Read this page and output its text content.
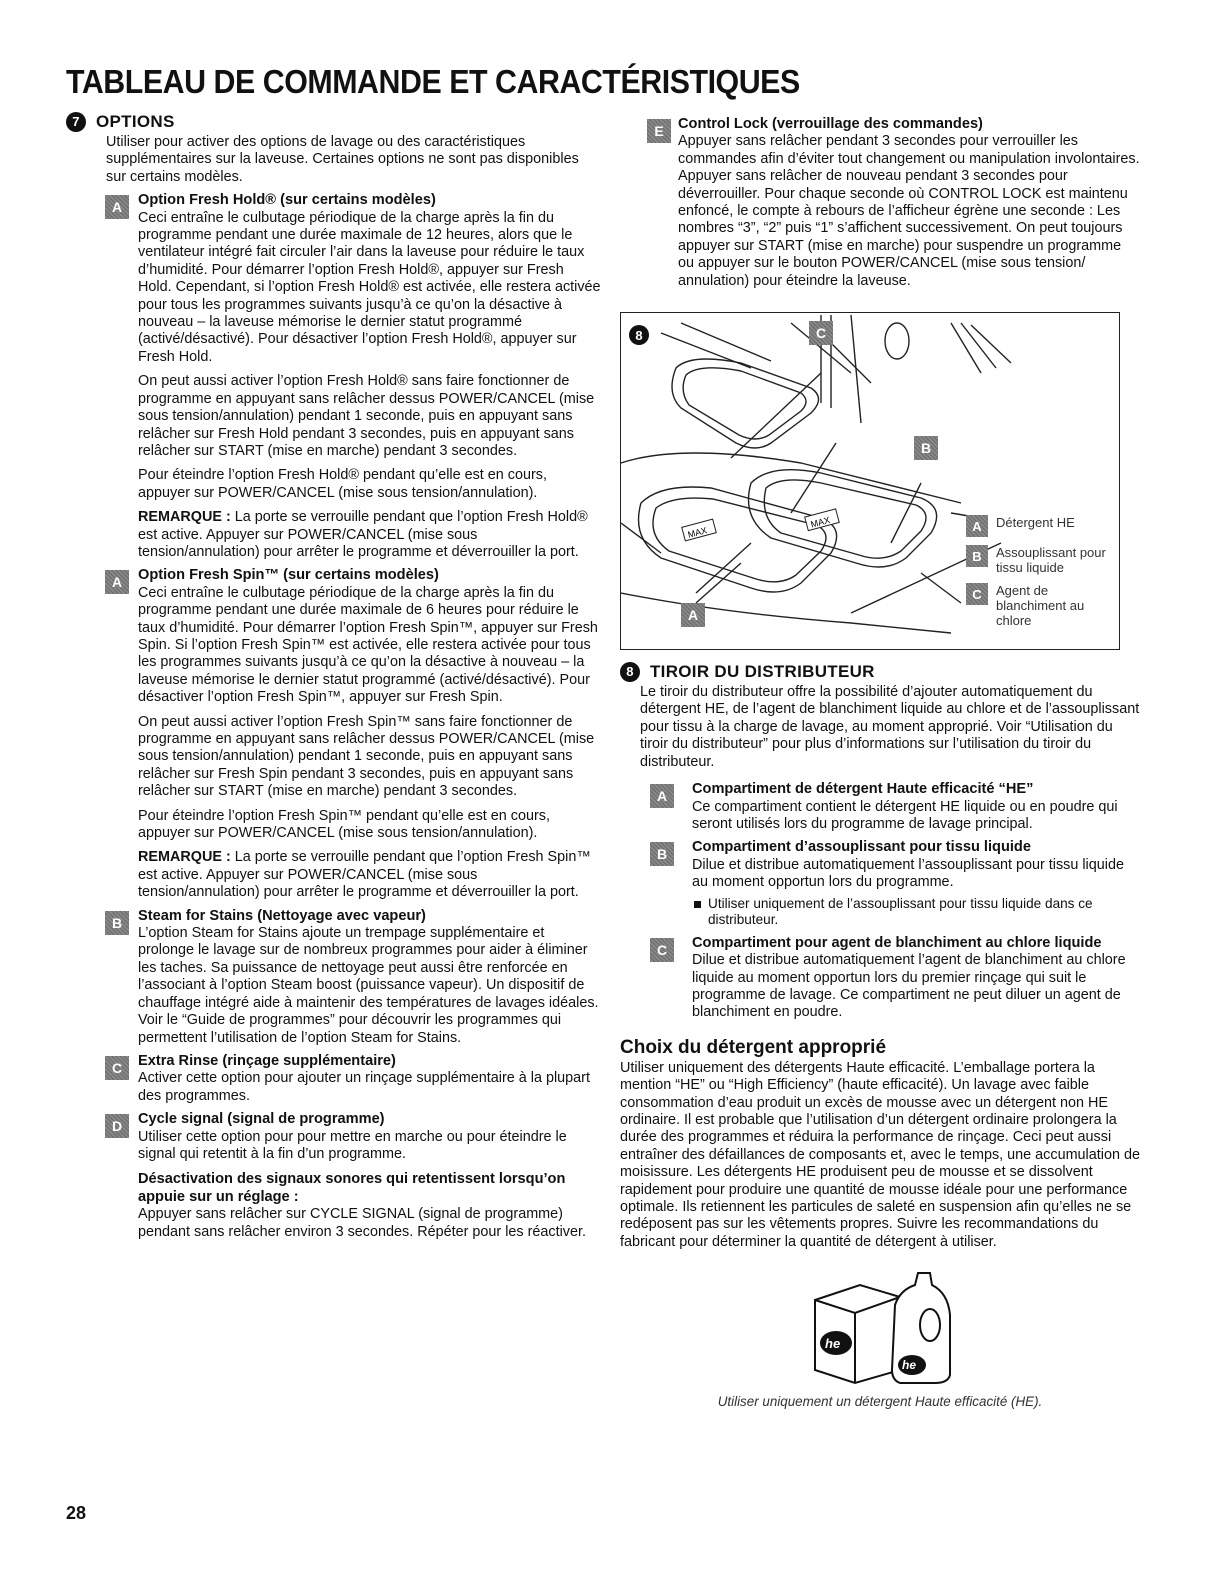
TABLEAU DE COMMANDE ET CARACTÉRISTIQUES
7 OPTIONS

Utiliser pour activer des options de lavage ou des caractéristiques supplémentaires sur la laveuse. Certaines options ne sont pas disponibles sur certains modèles.

A	Option Fresh Hold® (sur certains modèles)

Ceci entraîne le culbutage périodique de la charge après la fin du programme pendant une durée maximale de 12 heures, alors que le ventilateur intégré fait circuler l’air dans la laveuse pour réduire le taux d’humidité. Pour démarrer l’option Fresh Hold®, appuyer sur Fresh Hold. Cependant, si l’option Fresh Hold® est activée, elle restera activée pour tous les programmes suivants jusqu’à ce qu’on la désactive à nouveau – la laveuse mémorise le dernier statut programmé (activé/désactivé). Pour désactiver l’option Fresh Hold®, appuyer sur Fresh Hold.

On peut aussi activer l’option Fresh Hold® sans faire fonctionner de programme en appuyant sans relâcher dessus POWER/CANCEL (mise sous tension/annulation) pendant 1 seconde, puis en appuyant sans relâcher sur Fresh Hold pendant 3 secondes, puis en appuyant sans relâcher sur START (mise en marche) pendant 3 secondes.

Pour éteindre l’option Fresh Hold® pendant qu’elle est en cours, appuyer sur POWER/CANCEL (mise sous tension/annulation).

REMARQUE : La porte se verrouille pendant que l’option Fresh Hold® est active. Appuyer sur POWER/CANCEL (mise sous tension/annulation) pour arrêter le programme et déverrouiller la port.

A	Option Fresh Spin™ (sur certains modèles)

Ceci entraîne le culbutage périodique de la charge après la fin du programme pendant une durée maximale de 6 heures pour réduire le taux d’humidité. Pour démarrer l’option Fresh Spin™, appuyer sur Fresh Spin. Si l’option Fresh Spin™ est activée, elle restera activée pour tous les programmes suivants jusqu’à ce qu’on la désactive à nouveau – la laveuse mémorise le dernier statut programmé (activé/désactivé). Pour désactiver l’option Fresh Spin™, appuyer sur Fresh Spin.

On peut aussi activer l’option Fresh Spin™ sans faire fonctionner de programme en appuyant sans relâcher dessus POWER/CANCEL (mise sous tension/annulation) pendant 1 seconde, puis en appuyant sans relâcher sur Fresh Spin pendant 3 secondes, puis en appuyant sans relâcher sur START (mise en marche) pendant 3 secondes.

Pour éteindre l’option Fresh Spin™ pendant qu’elle est en cours, appuyer sur POWER/CANCEL (mise sous tension/annulation).

REMARQUE : La porte se verrouille pendant que l’option Fresh Spin™ est active. Appuyer sur POWER/CANCEL (mise sous tension/annulation) pour arrêter le programme et déverrouiller la port.

B	Steam for Stains (Nettoyage avec vapeur)

L’option Steam for Stains ajoute un trempage supplémentaire et prolonge le lavage sur de nombreux programmes pour aider à éliminer les taches. Sa puissance de nettoyage peut aussi être renforcée en l’associant à l’option Steam boost (puissance vapeur). Un dispositif de chauffage intégré aide à maintenir des températures de lavages idéales. Voir le “Guide de programmes” pour découvrir les programmes qui permettent l’utilisation de l’option Steam for Stains.

C	Extra Rinse (rinçage supplémentaire)

Activer cette option pour ajouter un rinçage supplémentaire à la plupart des programmes.

D	Cycle signal (signal de programme)

Utiliser cette option pour pour mettre en marche ou pour éteindre le signal qui retentit à la fin d’un programme.

Désactivation des signaux sonores qui retentissent lorsqu’on appuie sur un réglage :

Appuyer sans relâcher sur CYCLE SIGNAL (signal de programme) pendant sans relâcher environ 3 secondes. Répéter pour les réactiver.

E Control Lock (verrouillage des commandes)

Appuyer sans relâcher pendant 3 secondes pour verrouiller les commandes afin d’éviter tout changement ou manipulation involontaires. Appuyer sans relâcher de nouveau pendant 3 secondes pour déverrouiller. Pour chaque seconde où CONTROL LOCK est maintenu enfoncé, le compte à rebours de l’afficheur égrène une seconde : Les nombres “3”, “2” puis “1” s’affichent successivement. On peut toujours appuyer sur START (mise en marche) pour suspendre un programme ou appuyer sur le bouton POWER/CANCEL (mise sous tension/ annulation) pour éteindre la laveuse.

MAX
MAX
8	C
B
A
A	Détergent HE
B	Assouplissant pour tissu liquide
C	Agent de blanchiment au chlore
8 TIROIR DU DISTRIBUTEUR

Le tiroir du distributeur offre la possibilité d’ajouter automatiquement du détergent HE, de l’agent de blanchiment liquide au chlore et de l’assouplissant pour tissu à la charge de lavage, au moment approprié. Voir “Utilisation du tiroir du distributeur” pour plus d’informations sur l’utilisation du tiroir du distributeur.

A	Compartiment de détergent Haute efficacité “HE”

Ce compartiment contient le détergent HE liquide ou en poudre qui seront utilisés lors du programme de lavage principal.

B	Compartiment d’assouplissant pour tissu liquide

Dilue et distribue automatiquement l’assouplissant pour tissu liquide au moment opportun lors du programme.

Utiliser uniquement de l’assouplissant pour tissu liquide dans ce distributeur.
C	Compartiment pour agent de blanchiment au chlore liquide

Dilue et distribue automatiquement l’agent de blanchiment au chlore liquide au moment opportun lors du premier rinçage qui suit le programme de lavage. Ce compartiment ne peut diluer un agent de blanchiment en poudre.

Choix du détergent approprié

Utiliser uniquement des détergents Haute efficacité. L’emballage portera la mention “HE” ou “High Efficiency” (haute efficacité). Un lavage avec faible consommation d’eau produit un excès de mousse avec un détergent non HE ordinaire. Il est probable que l’utilisation d’un détergent ordinaire prolongera la durée des programmes et réduira la performance de rinçage. Ceci peut aussi entraîner des défaillances de composants et, avec le temps, une accumulation de moisissure. Les détergents HE produisent peu de mousse et se dissolvent rapidement pour produire une quantité de mousse idéale pour une performance optimale. Ils retiennent les particules de saleté en suspension afin qu’elles ne se redéposent pas sur les vêtements propres. Suivre les recommandations du fabricant pour déterminer la quantité de détergent à utiliser.

he
he
Utiliser uniquement un détergent Haute efficacité (HE).
28
